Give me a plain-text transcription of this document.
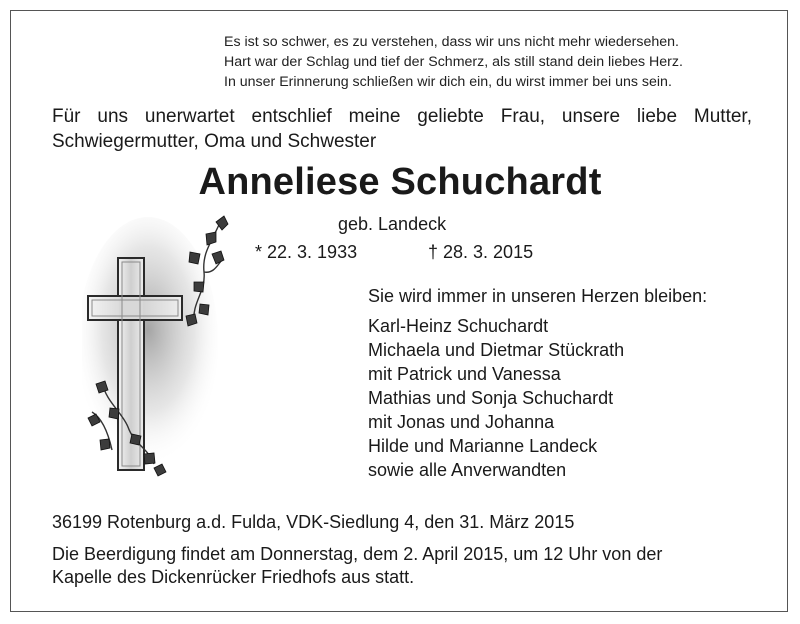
Es ist so schwer, es zu verstehen, dass wir uns nicht mehr wiedersehen.
Hart war der Schlag und tief der Schmerz, als still stand dein liebes Herz.
In unser Erinnerung schließen wir dich ein, du wirst immer bei uns sein.
Für uns unerwartet entschlief meine geliebte Frau, unsere liebe Mutter,
Schwiegermutter, Oma und Schwester
Anneliese Schuchardt
geb. Landeck
* 22. 3. 1933	† 28. 3. 2015
Sie wird immer in unseren Herzen bleiben:
Karl-Heinz Schuchardt
Michaela und Dietmar Stückrath
mit Patrick und Vanessa
Mathias und Sonja Schuchardt
mit Jonas und Johanna
Hilde und Marianne Landeck
sowie alle Anverwandten
36199 Rotenburg a.d. Fulda, VDK-Siedlung 4, den 31. März 2015
Die Beerdigung findet am Donnerstag, dem 2. April 2015, um 12 Uhr von der
Kapelle des Dickenrücker Friedhofs aus statt.
